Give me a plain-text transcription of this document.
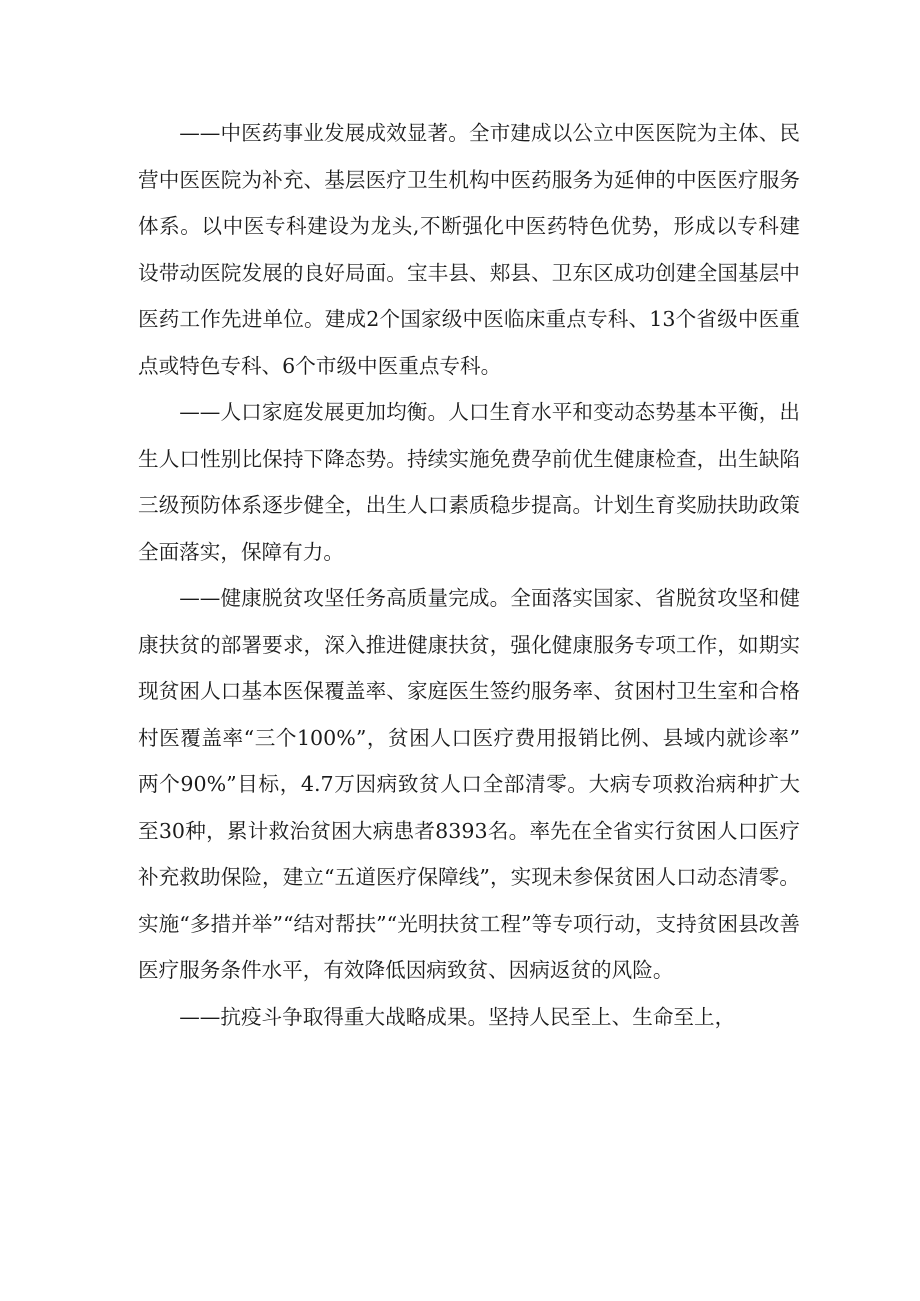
——中医药事业发展成效显著。全市建成以公立中医医院为主体、民营中医医院为补充、基层医疗卫生机构中医药服务为延伸的中医医疗服务体系。以中医专科建设为龙头,不断强化中医药特色优势，形成以专科建设带动医院发展的良好局面。宝丰县、郏县、卫东区成功创建全国基层中医药工作先进单位。建成2个国家级中医临床重点专科、13个省级中医重点或特色专科、6个市级中医重点专科。

——人口家庭发展更加均衡。人口生育水平和变动态势基本平衡，出生人口性别比保持下降态势。持续实施免费孕前优生健康检查，出生缺陷三级预防体系逐步健全，出生人口素质稳步提高。计划生育奖励扶助政策全面落实，保障有力。

——健康脱贫攻坚任务高质量完成。全面落实国家、省脱贫攻坚和健康扶贫的部署要求，深入推进健康扶贫，强化健康服务专项工作，如期实现贫困人口基本医保覆盖率、家庭医生签约服务率、贫困村卫生室和合格村医覆盖率“三个100%”，贫困人口医疗费用报销比例、县域内就诊率”两个90%”目标，4.7万因病致贫人口全部清零。大病专项救治病种扩大至30种，累计救治贫困大病患者8393名。率先在全省实行贫困人口医疗补充救助保险，建立“五道医疗保障线”，实现未参保贫困人口动态清零。实施“多措并举”“结对帮扶”“光明扶贫工程”等专项行动，支持贫困县改善医疗服务条件水平，有效降低因病致贫、因病返贫的风险。

——抗疫斗争取得重大战略成果。坚持人民至上、生命至上，
